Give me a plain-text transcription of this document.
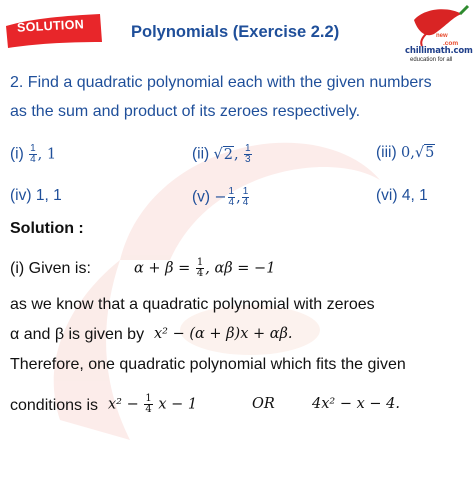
SOLUTION	Polynomials (Exercise 2.2)	new
.com
chillimath.com
education for all
2. Find a quadratic polynomial each with the given numbers
as the sum and product of its zeroes respectively.
$(i) \frac{1}{4}$ , 1	(ii) √2, $\frac{1}{3}$	(iii) 0,√5
(iv) 1, 1	$(v) - \frac{1}{4}$ , $\frac{1}{4}$	(vi) 4, 1
Solution :
(i) Given is:	$\alpha + \beta = \frac{1}{4}$ , αβ = −1
as we know that a quadratic polynomial with zeroes
α and β is given by x² − (α + β)x + αβ.
Therefore, one quadratic polynomial which fits the given
conditions is $x^2 - \frac{1}{4}$ x − 1	OR	4x² − x − 4.
